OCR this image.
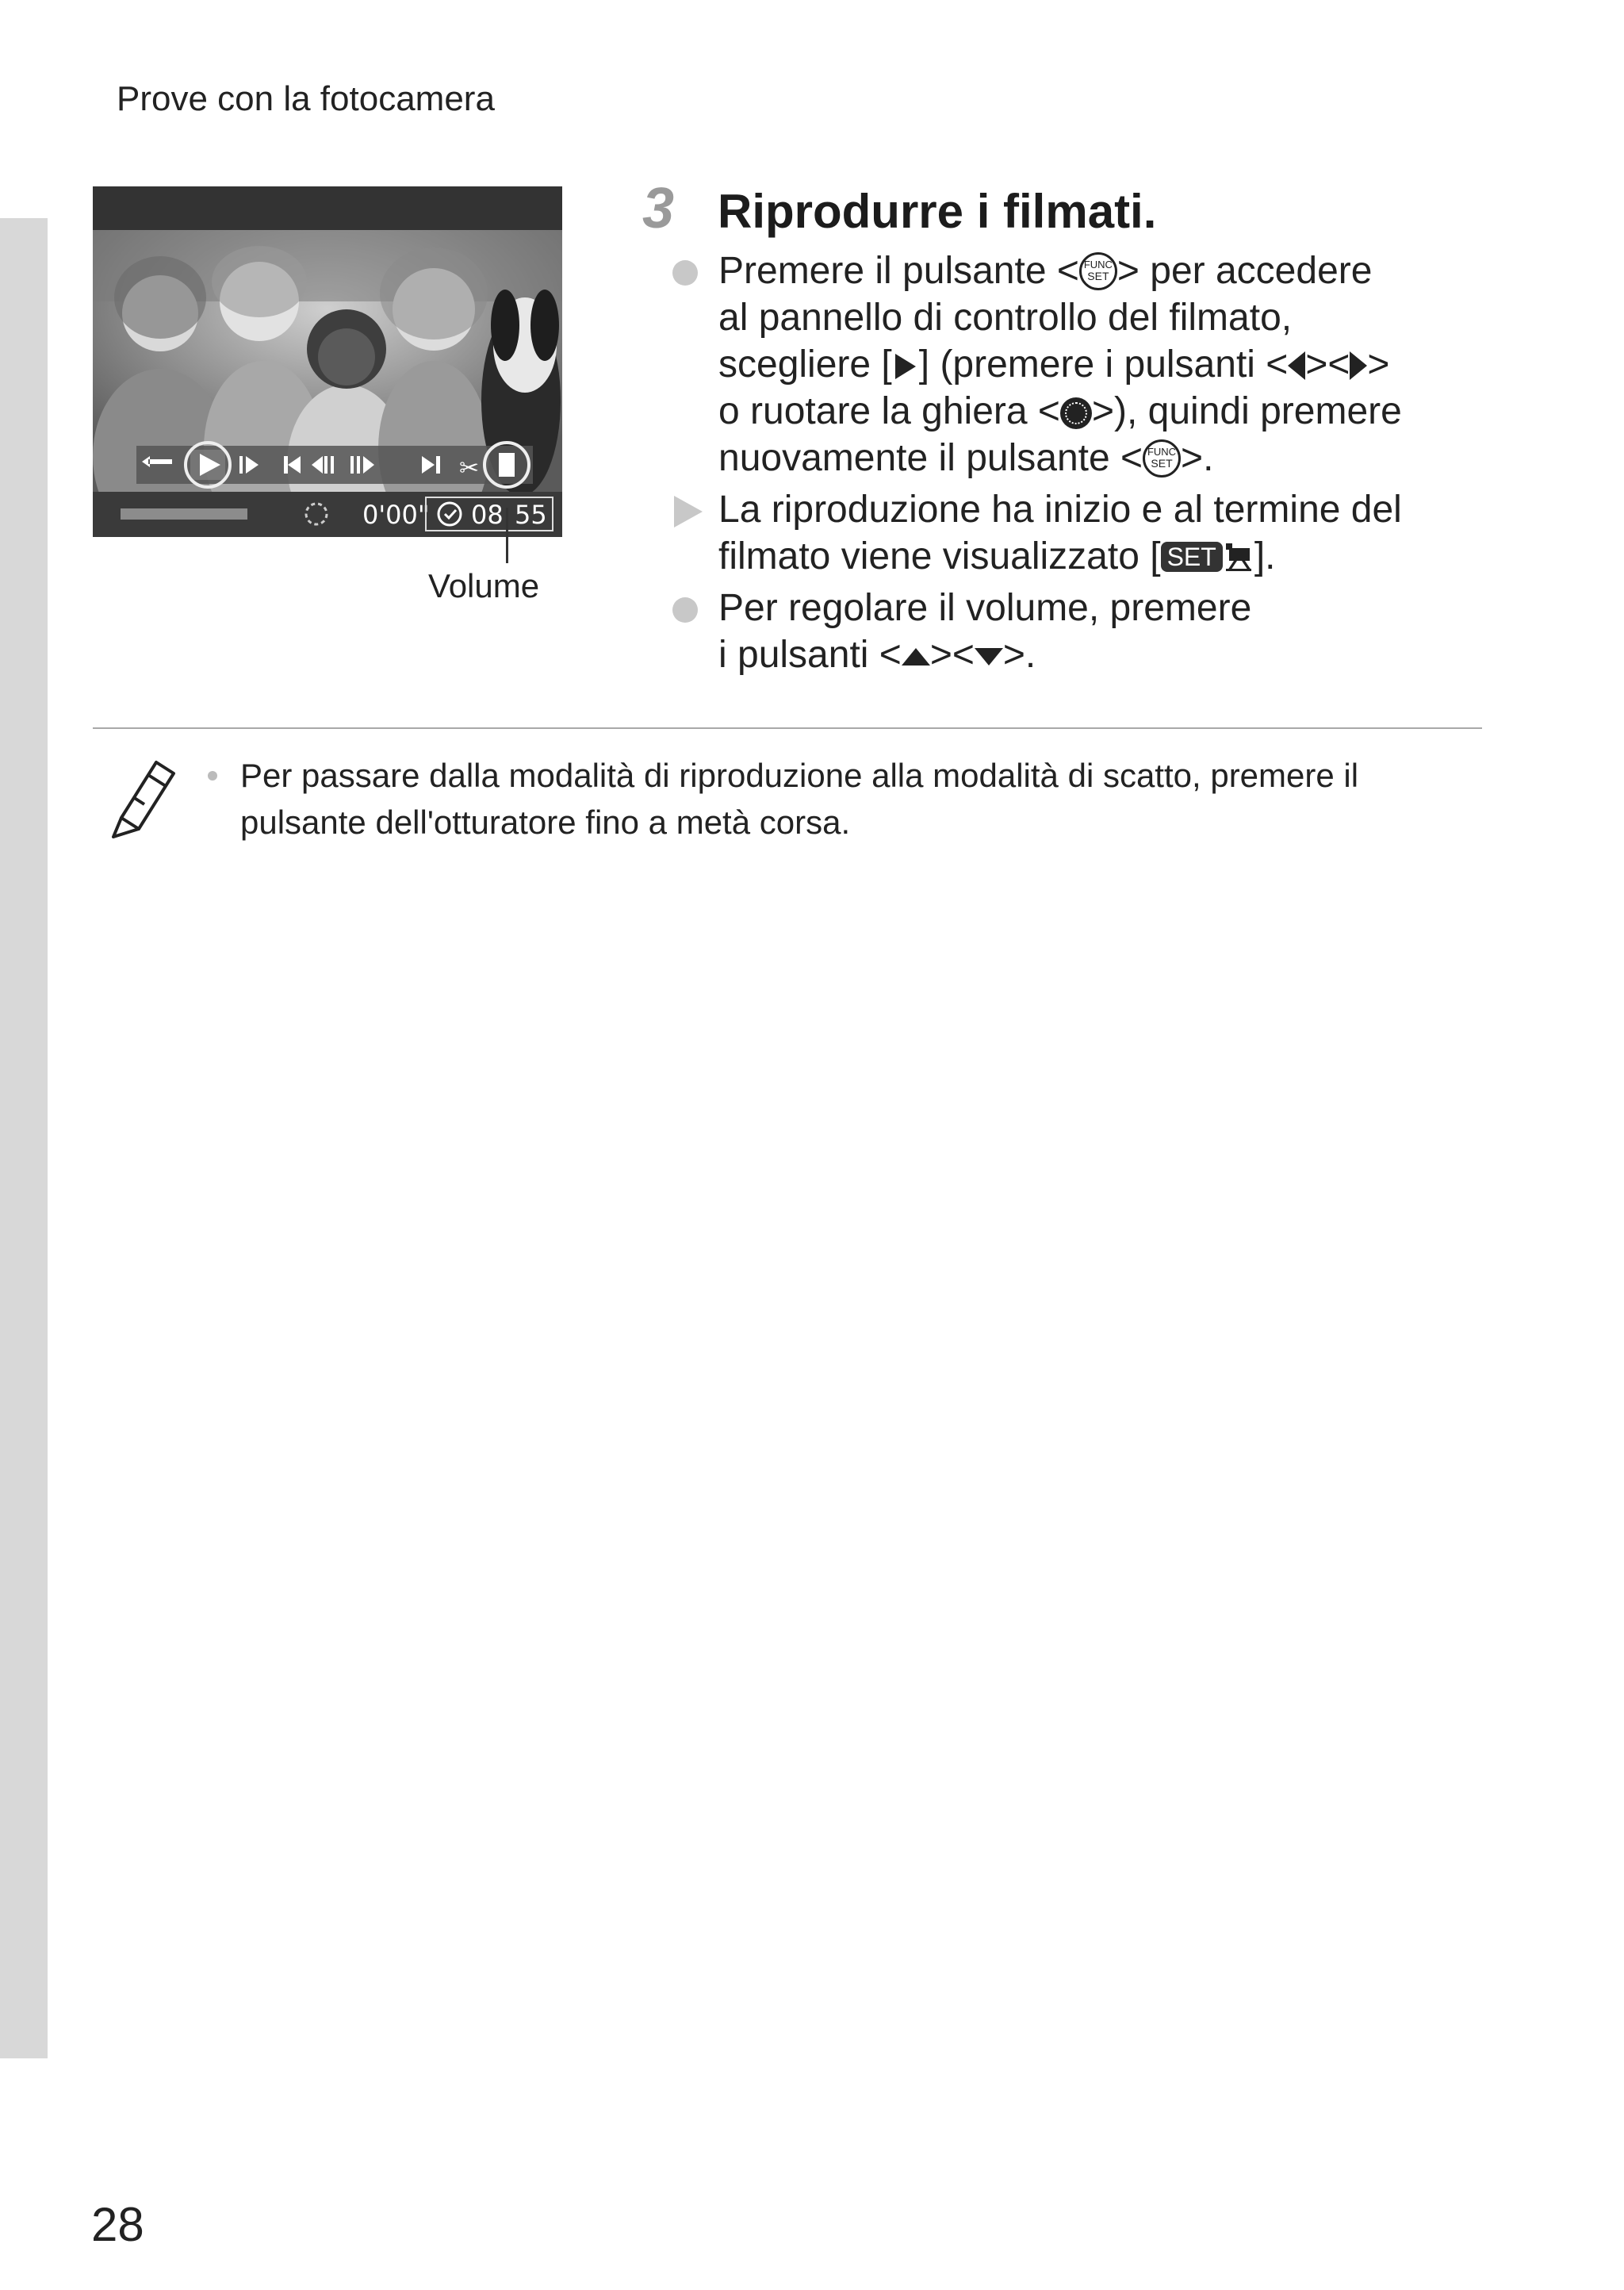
Prove con la fotocamera
✂
0'00" 08 55
Volume
3 Riprodurre i filmati.
Premere il pulsante < FUNC SET > per accedere
al pannello di controllo del filmato,
scegliere [ ] (premere i pulsanti < >< >
o ruotare la ghiera < >), quindi premere
nuovamente il pulsante < FUNC SET >.
La riproduzione ha inizio e al termine del
filmato viene visualizzato [ SET ].
Per regolare il volume, premere
i pulsanti < >< >.
Per passare dalla modalità di riproduzione alla modalità di scatto, premere il pulsante dell'otturatore fino a metà corsa.
28
